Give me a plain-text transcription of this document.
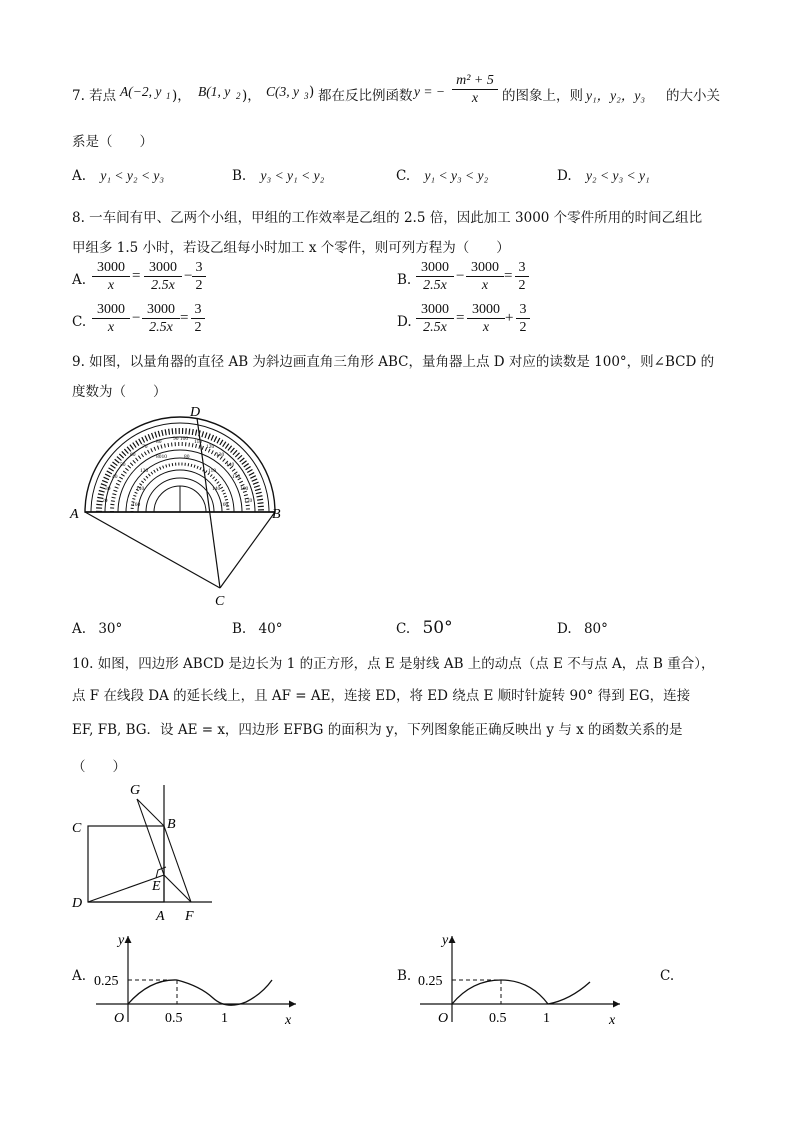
7. 若点 A(−2, y 1 )， B(1, y 2 )， C(3, y 3 ) 都在反比例函数 y = − $\frac{\text{m² + 5}}{x}$ 的图象上，则 y₁，y₂，y₃ 的大小关
系是（　　）
A. y₁ < y₂ < y₃	B. y₃ < y₁ < y₂	C. y₁ < y₃ < y₂	D. y₂ < y₃ < y₁
8. 一车间有甲、乙两个小组，甲组的工作效率是乙组的 2.5 倍，因此加工 3000 个零件所用的时间乙组比
甲组多 1.5 小时，若设乙组每小时加工 x 个零件，则可列方程为（　　）
A. $\frac{3000}{x} = \frac{3000}{2.5x} - \frac{3}{2}$	B. $\frac{3000}{2.5x} - \frac{3000}{x} = \frac{3}{2}$
C. $\frac{3000}{x} - \frac{3000}{2.5x} = \frac{3}{2}$	D. $\frac{3000}{2.5x} = \frac{3000}{x} + \frac{3}{2}$
9. 如图，以量角器的直径 AB 为斜边画直角三角形 ABC，量角器上点 D 对应的读数是 100°，则∠BCD 的
度数为（　　）
90 100
80	110
70	120
60	130
50	140
40	150
30	160
20	170
8010	80
120	110
140	140
160	160
D
A	B
C
A. 30°	B. 40°	C. 50°	D. 80°
10. 如图，四边形 ABCD 是边长为 1 的正方形，点 E 是射线 AB 上的动点（点 E 不与点 A，点 B 重合），
点 F 在线段 DA 的延长线上，且 AF = AE，连接 ED，将 ED 绕点 E 顺时针旋转 90° 得到 EG，连接
EF, FB, BG．设 AE = x，四边形 EFBG 的面积为 y，下列图象能正确反映出 y 与 x 的函数关系的是
（　　）
G
C	B
E
D
A F
A.
y
x
O
0.25
0.5	1
B.
y
x
O
0.25
0.5	1
C.
